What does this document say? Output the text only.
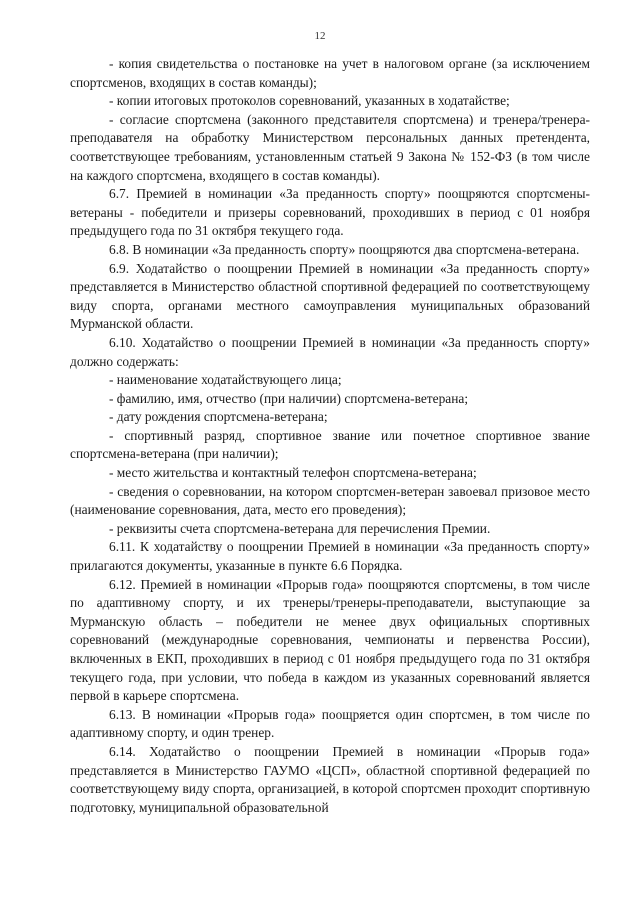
12

- копия свидетельства о постановке на учет в налоговом органе (за исключением спортсменов, входящих в состав команды);

- копии итоговых протоколов соревнований, указанных в ходатайстве;

- согласие спортсмена (законного представителя спортсмена) и тренера/тренера-преподавателя на обработку Министерством персональных данных претендента, соответствующее требованиям, установленным статьей 9 Закона № 152-ФЗ (в том числе на каждого спортсмена, входящего в состав команды).

6.7. Премией в номинации «За преданность спорту» поощряются спортсмены-ветераны - победители и призеры соревнований, проходивших в период с 01 ноября предыдущего года по 31 октября текущего года.

6.8. В номинации «За преданность спорту» поощряются два спортсмена-ветерана.

6.9. Ходатайство о поощрении Премией в номинации «За преданность спорту» представляется в Министерство областной спортивной федерацией по соответствующему виду спорта, органами местного самоуправления муниципальных образований Мурманской области.

6.10. Ходатайство о поощрении Премией в номинации «За преданность спорту» должно содержать:

- наименование ходатайствующего лица;

- фамилию, имя, отчество (при наличии) спортсмена-ветерана;

- дату рождения спортсмена-ветерана;

- спортивный разряд, спортивное звание или почетное спортивное звание спортсмена-ветерана (при наличии);

- место жительства и контактный телефон спортсмена-ветерана;

- сведения о соревновании, на котором спортсмен-ветеран завоевал призовое место (наименование соревнования, дата, место его проведения);

- реквизиты счета спортсмена-ветерана для перечисления Премии.

6.11. К ходатайству о поощрении Премией в номинации «За преданность спорту» прилагаются документы, указанные в пункте 6.6 Порядка.

6.12. Премией в номинации «Прорыв года» поощряются спортсмены, в том числе по адаптивному спорту, и их тренеры/тренеры-преподаватели, выступающие за Мурманскую область – победители не менее двух официальных спортивных соревнований (международные соревнования, чемпионаты и первенства России), включенных в ЕКП, проходивших в период с 01 ноября предыдущего года по 31 октября текущего года, при условии, что победа в каждом из указанных соревнований является первой в карьере спортсмена.

6.13. В номинации «Прорыв года» поощряется один спортсмен, в том числе по адаптивному спорту, и один тренер.

6.14. Ходатайство о поощрении Премией в номинации «Прорыв года» представляется в Министерство ГАУМО «ЦСП», областной спортивной федерацией по соответствующему виду спорта, организацией, в которой спортсмен проходит спортивную подготовку, муниципальной образовательной
